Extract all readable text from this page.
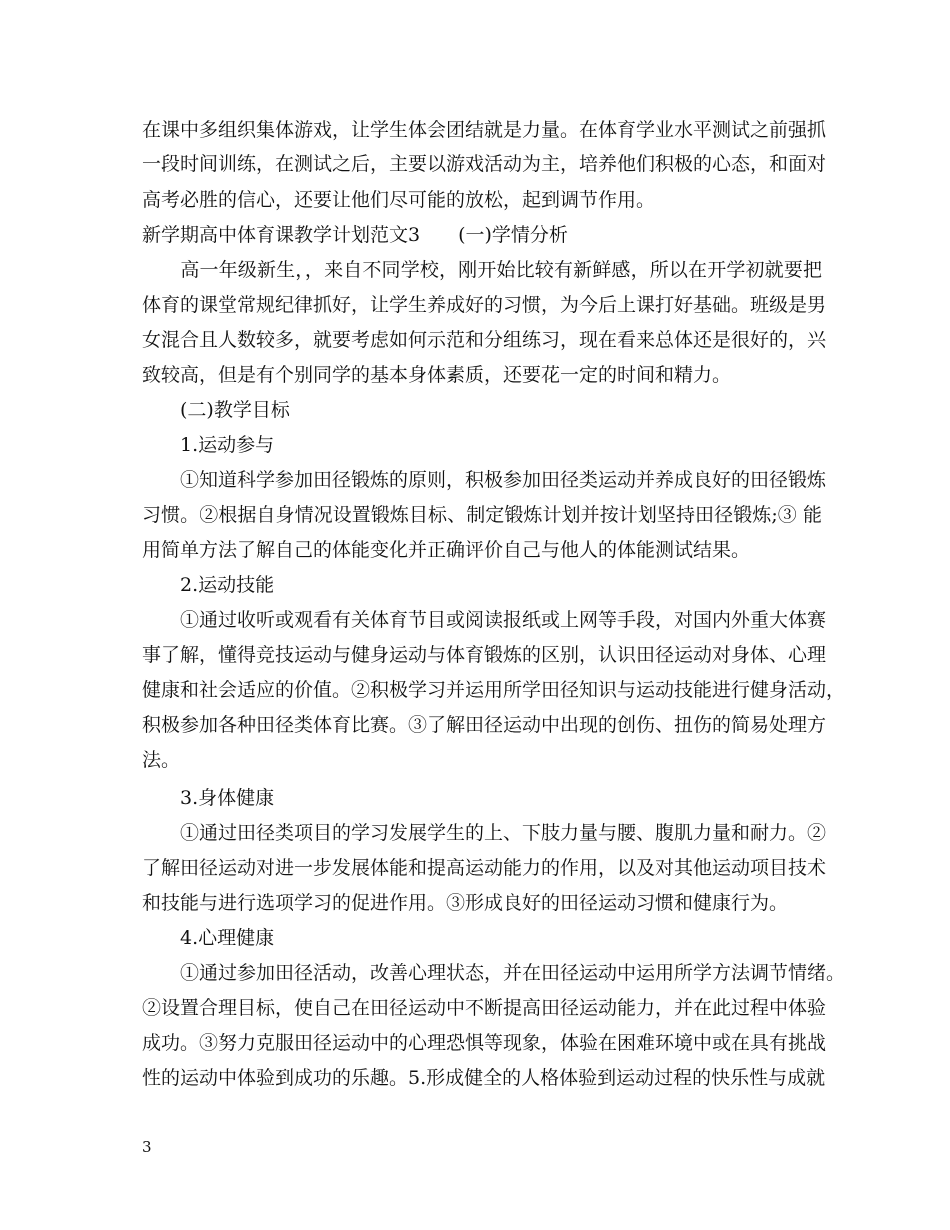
在课中多组织集体游戏，让学生体会团结就是力量。在体育学业水平测试之前强抓
一段时间训练，在测试之后，主要以游戏活动为主，培养他们积极的心态，和面对
高考必胜的信心，还要让他们尽可能的放松，起到调节作用。
新学期高中体育课教学计划范文3　　(一)学情分析
　　高一年级新生，，来自不同学校，刚开始比较有新鲜感，所以在开学初就要把
体育的课堂常规纪律抓好，让学生养成好的习惯，为今后上课打好基础。班级是男
女混合且人数较多，就要考虑如何示范和分组练习，现在看来总体还是很好的，兴
致较高，但是有个别同学的基本身体素质，还要花一定的时间和精力。
　　(二)教学目标
　　1.运动参与
　　①知道科学参加田径锻炼的原则，积极参加田径类运动并养成良好的田径锻炼
习惯。②根据自身情况设置锻炼目标、制定锻炼计划并按计划坚持田径锻炼;③ 能
用简单方法了解自己的体能变化并正确评价自己与他人的体能测试结果。
　　2.运动技能
　　①通过收听或观看有关体育节目或阅读报纸或上网等手段，对国内外重大体赛
事了解，懂得竞技运动与健身运动与体育锻炼的区别，认识田径运动对身体、心理
健康和社会适应的价值。②积极学习并运用所学田径知识与运动技能进行健身活动，
积极参加各种田径类体育比赛。③了解田径运动中出现的创伤、扭伤的简易处理方
法。
　　3.身体健康
　　①通过田径类项目的学习发展学生的上、下肢力量与腰、腹肌力量和耐力。②
了解田径运动对进一步发展体能和提高运动能力的作用，以及对其他运动项目技术
和技能与进行选项学习的促进作用。③形成良好的田径运动习惯和健康行为。
　　4.心理健康
　　①通过参加田径活动，改善心理状态，并在田径运动中运用所学方法调节情绪。
②设置合理目标，使自己在田径运动中不断提高田径运动能力，并在此过程中体验
成功。③努力克服田径运动中的心理恐惧等现象，体验在困难环境中或在具有挑战
性的运动中体验到成功的乐趣。5.形成健全的人格体验到运动过程的快乐性与成就
3
